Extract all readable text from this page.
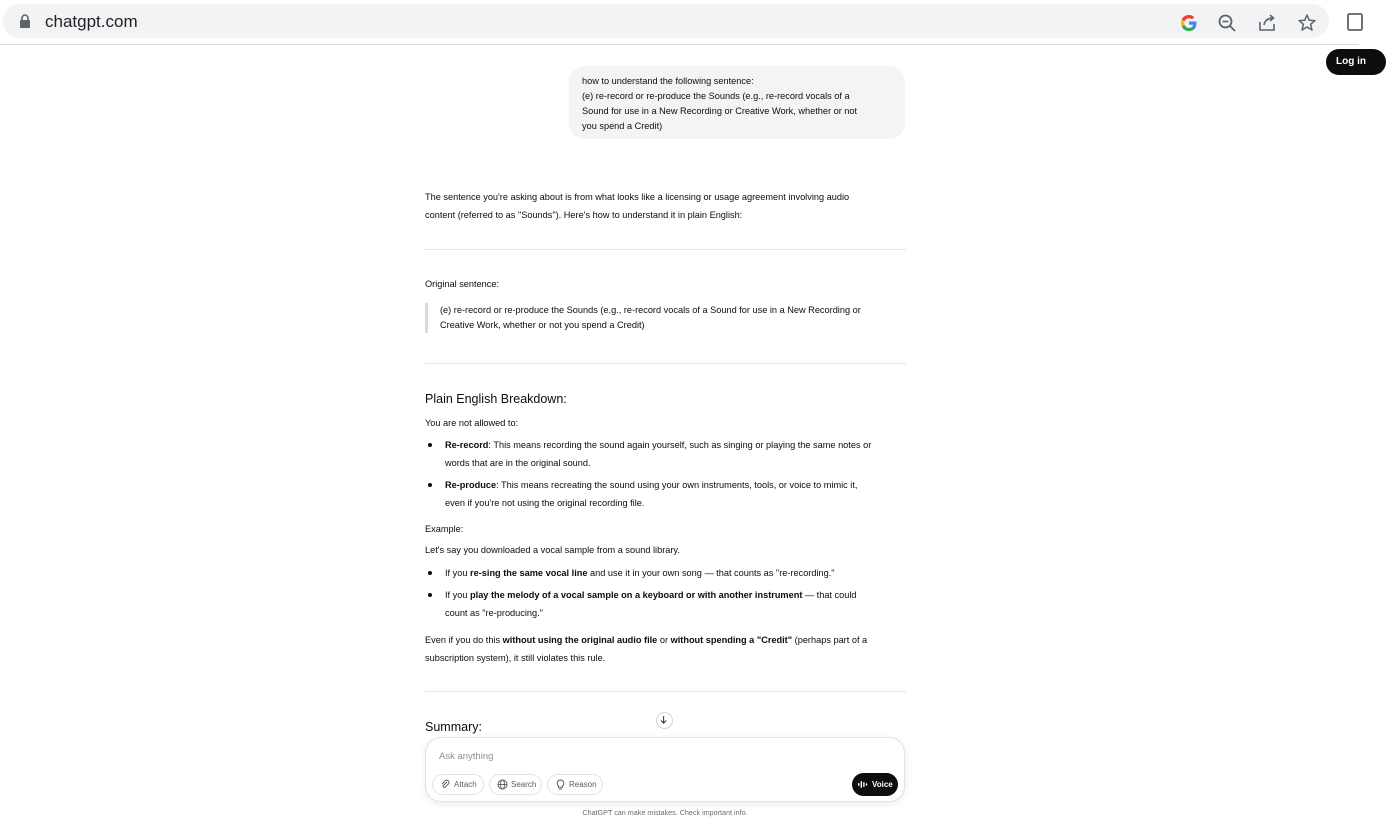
chatgpt.com
Log in
how to understand the following sentence:
(e) re-record or re-produce the Sounds (e.g., re-record vocals of a
Sound for use in a New Recording or Creative Work, whether or not
you spend a Credit)
The sentence you're asking about is from what looks like a licensing or usage agreement involving audio
content (referred to as "Sounds"). Here's how to understand it in plain English:
Original sentence:
(e) re-record or re-produce the Sounds (e.g., re-record vocals of a Sound for use in a New Recording or
Creative Work, whether or not you spend a Credit)
Plain English Breakdown:
You are not allowed to:
Re-record: This means recording the sound again yourself, such as singing or playing the same notes or
words that are in the original sound.
Re-produce: This means recreating the sound using your own instruments, tools, or voice to mimic it,
even if you're not using the original recording file.
Example:
Let's say you downloaded a vocal sample from a sound library.
If you re-sing the same vocal line and use it in your own song — that counts as "re-recording."
If you play the melody of a vocal sample on a keyboard or with another instrument — that could
count as "re-producing."
Even if you do this without using the original audio file or without spending a "Credit" (perhaps part of a
subscription system), it still violates this rule.
Summary:
Ask anything
Attach	Search	Reason	Voice
ChatGPT can make mistakes. Check important info.
